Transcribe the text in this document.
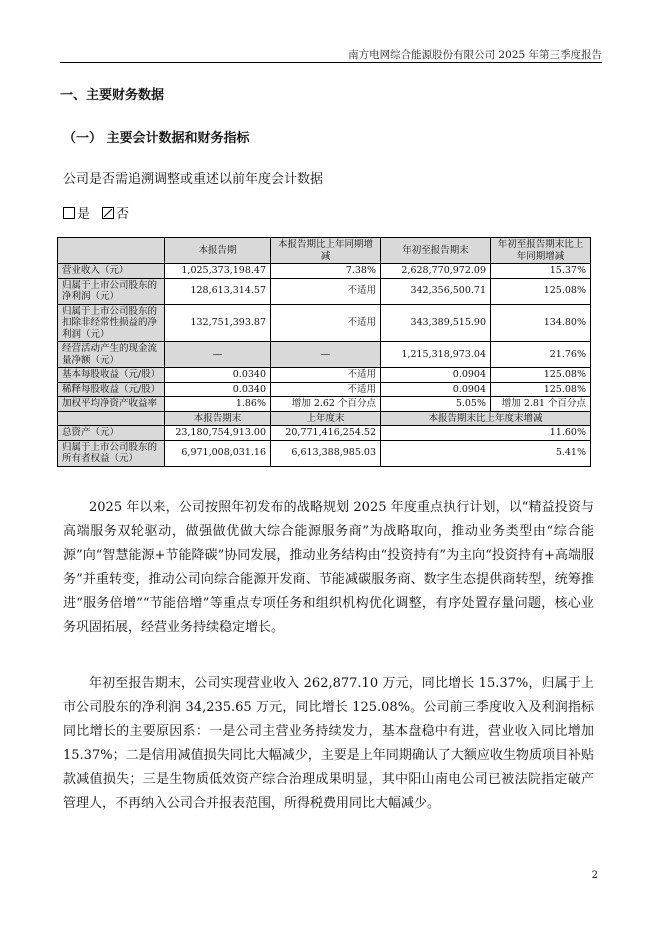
南方电网综合能源股份有限公司 2025 年第三季度报告
一、主要财务数据
（一） 主要会计数据和财务指标
公司是否需追溯调整或重述以前年度会计数据
是 否
	本报告期	本报告期比上年同期增减	年初至报告期末	年初至报告期末比上年同期增减
营业收入（元）	1,025,373,198.47	7.38%	2,628,770,972.09	15.37%
归属于上市公司股东的净利润（元）	128,613,314.57	不适用	342,356,500.71	125.08%
归属于上市公司股东的扣除非经常性损益的净利润（元）	132,751,393.87	不适用	343,389,515.90	134.80%
经营活动产生的现金流量净额（元）	—	—	1,215,318,973.04	21.76%
基本每股收益（元/股）	0.0340	不适用	0.0904	125.08%
稀释每股收益（元/股）	0.0340	不适用	0.0904	125.08%
加权平均净资产收益率	1.86%	增加 2.62 个百分点	5.05%	增加 2.81 个百分点
	本报告期末	上年度末	本报告期末比上年度末增减	
总资产（元）	23,180,754,913.00	20,771,416,254.52	11.60%	
归属于上市公司股东的所有者权益（元）	6,971,008,031.16	6,613,388,985.03	5.41%	

2025 年以来，公司按照年初发布的战略规划 2025 年度重点执行计划，以“精益投资与高端服务双轮驱动，做强做优做大综合能源服务商”为战略取向，推动业务类型由“综合能源”向“智慧能源+节能降碳”协同发展，推动业务结构由“投资持有”为主向“投资持有+高端服务”并重转变，推动公司向综合能源开发商、节能减碳服务商、数字生态提供商转型，统筹推进“服务倍增”“节能倍增”等重点专项任务和组织机构优化调整，有序处置存量问题，核心业务巩固拓展，经营业务持续稳定增长。

年初至报告期末，公司实现营业收入 262,877.10 万元，同比增长 15.37%，归属于上市公司股东的净利润 34,235.65 万元，同比增长 125.08%。公司前三季度收入及利润指标同比增长的主要原因系：一是公司主营业务持续发力，基本盘稳中有进，营业收入同比增加 15.37%；二是信用减值损失同比大幅减少，主要是上年同期确认了大额应收生物质项目补贴款减值损失；三是生物质低效资产综合治理成果明显，其中阳山南电公司已被法院指定破产管理人，不再纳入公司合并报表范围，所得税费用同比大幅减少。

2
